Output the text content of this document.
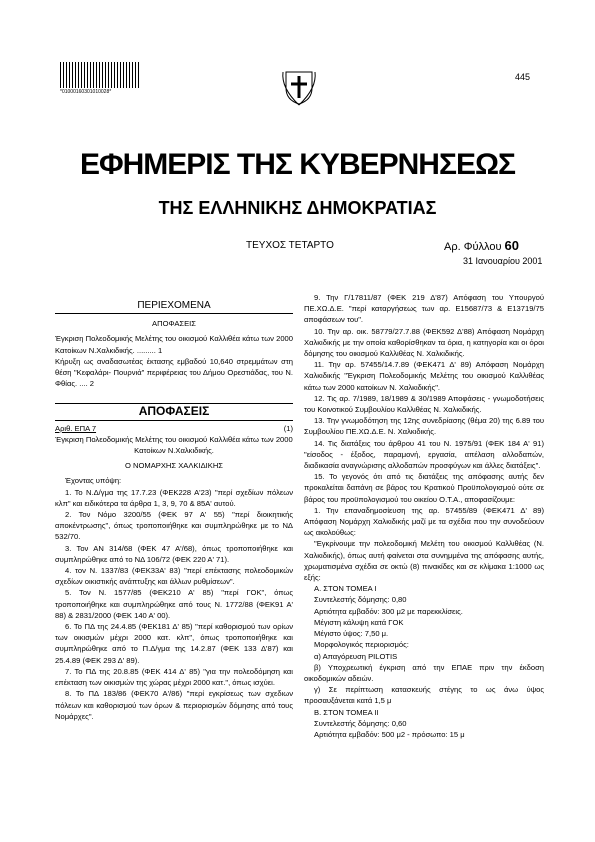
*01000160301010028*
445
ΕΦΗΜΕΡΙΣ ΤΗΣ ΚΥΒΕΡΝΗΣΕΩΣ
ΤΗΣ ΕΛΛΗΝΙΚΗΣ ΔΗΜΟΚΡΑΤΙΑΣ
ΤΕΥΧΟΣ ΤΕΤΑΡΤΟ	Αρ. Φύλλου 60
31 Ιανουαρίου 2001
ΠΕΡΙΕΧΟΜΕΝΑ
ΑΠΟΦΑΣΕΙΣ

Έγκριση Πολεοδομικής Μελέτης του οικισμού Καλλιθέα κάτω των 2000 Κατοίκων Ν.Χαλκιδικής. ......... 1

Κήρυξη ως αναδασωτέας έκτασης εμβαδού 10,640 στρεμμάτων στη θέση "Κεφαλάρι- Πουρνιά" περιφέρειας του Δήμου Ορεστιάδας, του Ν. Φθίας. .... 2

ΑΠΟΦΑΣΕΙΣ
Αριθ. ΕΠΑ 7	(1)

Έγκριση Πολεοδομικής Μελέτης του οικισμού Καλλιθέα κάτω των 2000 Κατοίκων Ν.Χαλκιδικής.

Ο ΝΟΜΑΡΧΗΣ ΧΑΛΚΙΔΙΚΗΣ

Έχοντας υπόψη:

1. Το Ν.Δ/γμα της 17.7.23 (ΦΕΚ228 Α'23) "περί σχεδίων πόλεων κλπ" και ειδικότερα τα άρθρα 1, 3, 9, 70 & 85Α' αυτού.

2. Τον Νόμο 3200/55 (ΦΕΚ 97 Α' 55) "περί διοικητικής αποκέντρωσης", όπως τροποποιήθηκε και συμπληρώθηκε με το ΝΔ 532/70.

3. Τον ΑΝ 314/68 (ΦΕΚ 47 Α'/68), όπως τροποποιήθηκε και συμπληρώθηκε από το ΝΔ 106/72 (ΦΕΚ 220 Α' 71).

4. τον Ν. 1337/83 (ΦΕΚ33Α' 83) "περί επέκτασης πολεοδομικών σχεδίων οικιστικής ανάπτυξης και άλλων ρυθμίσεων".

5. Τον Ν. 1577/85 (ΦΕΚ210 Α' 85) "περί ΓΟΚ", όπως τροποποιήθηκε και συμπληρώθηκε από τους Ν. 1772/88 (ΦΕΚ91 Α' 88) & 2831/2000 (ΦΕΚ 140 Α' 00).

6. Το ΠΔ της 24.4.85 (ΦΕΚ181 Δ' 85) "περί καθορισμού των ορίων των οικισμών μέχρι 2000 κατ. κλπ", όπως τροποποιήθηκε και συμπληρώθηκε από το Π.Δ/γμα της 14.2.87 (ΦΕΚ 133 Δ'87) και 25.4.89 (ΦΕΚ 293 Δ' 89).

7. Το ΠΔ της 20.8.85 (ΦΕΚ 414 Δ' 85) "για την πολεοδόμηση και επέκταση των οικισμών της χώρας μέχρι 2000 κατ.", όπως ισχύει.

8. Το ΠΔ 183/86 (ΦΕΚ70 Α'/86) "περί εγκρίσεως των σχεδιων πόλεων και καθορισμού των όρων & περιορισμών δόμησης από τους Νομάρχες".

9. Την Γ/17811/87 (ΦΕΚ 219 Δ'87) Απόφαση του Υπουργού ΠΕ.ΧΩ.Δ.Ε. "περί καταργήσεως των αρ. Ε15687/73 & Ε13719/75 αποφάσεων του".

10. Την αρ. οικ. 58779/27.7.88 (ΦΕΚ592 Δ'88) Απόφαση Νομάρχη Χαλκιδικής με την οποία καθορίσθηκαν τα όρια, η κατηγορία και οι όροι δόμησης του οικισμού Καλλιθέας Ν. Χαλκιδικής.

11. Την αρ. 57455/14.7.89 (ΦΕΚ471 Δ' 89) Απόφαση Νομάρχη Χαλκιδικής "Έγκριση Πολεοδομικής Μελέτης του οικισμού Καλλιθέας κάτω των 2000 κατοίκων Ν. Χαλκιδικής".

12. Τις αρ. 7/1989, 18/1989 & 30/1989 Αποφάσεις - γνωμοδοτήσεις του Κοινοτικού Συμβουλίου Καλλιθέας Ν. Χαλκιδικής.

13. Την γνωμοδότηση της 12ης συνεδρίασης (θέμα 20) της 6.89 του Συμβουλίου ΠΕ.ΧΩ.Δ.Ε. Ν. Χαλκιδικής.

14. Τις διατάξεις του άρθρου 41 του Ν. 1975/91 (ΦΕΚ 184 Α' 91) "είσοδος - έξοδος, παραμονή, εργασία, απέλαση αλλοδαπών, διαδικασία αναγνώρισης αλλοδαπών προσφύγων και άλλες διατάξεις".

15. Το γεγονός ότι από τις διατάξεις της απόφασης αυτής δεν προκαλείται δαπάνη σε βάρος του Κρατικού Προϋπολογισμού ούτε σε βάρος του προϋπολογισμού του οικείου Ο.Τ.Α., αποφασίζουμε:

1. Την επαναδημοσίευση της αρ. 57455/89 (ΦΕΚ471 Δ' 89) Απόφαση Νομάρχη Χαλκιδικής μαζί με τα σχέδια που την συνοδεύουν ως ακολούθως:

"Εγκρίνουμε την πολεοδομική Μελέτη του οικισμού Καλλιθέας (Ν. Χαλκιδικής), όπως αυτή φαίνεται στα συνημμένα της απόφασης αυτής, χρωματισμένα σχέδια σε οκτώ (8) πινακίδες και σε κλίμακα 1:1000 ως εξής:

Α. ΣΤΟΝ ΤΟΜΕΑ Ι

Συντελεστής δόμησης: 0,80

Αρτιότητα εμβαδόν: 300 μ2 με παρεκκλίσεις.

Μέγιστη κάλυψη κατά ΓΟΚ

Μέγιστο ύψος: 7,50 μ.

Μορφολογικός περιορισμός:

α) Απαγόρευση PILOTIS

β) Υποχρεωτική έγκριση από την ΕΠΑΕ πριν την έκδοση οικοδομικών αδειών.

γ) Σε περίπτωση κατασκευής στέγης το ως άνω ύψος προσαυξάνεται κατά 1,5 μ

Β. ΣΤΟΝ ΤΟΜΕΑ ΙΙ

Συντελεστής δόμησης: 0,60

Αρτιότητα εμβαδόν: 500 μ2 - πρόσωπο: 15 μ
